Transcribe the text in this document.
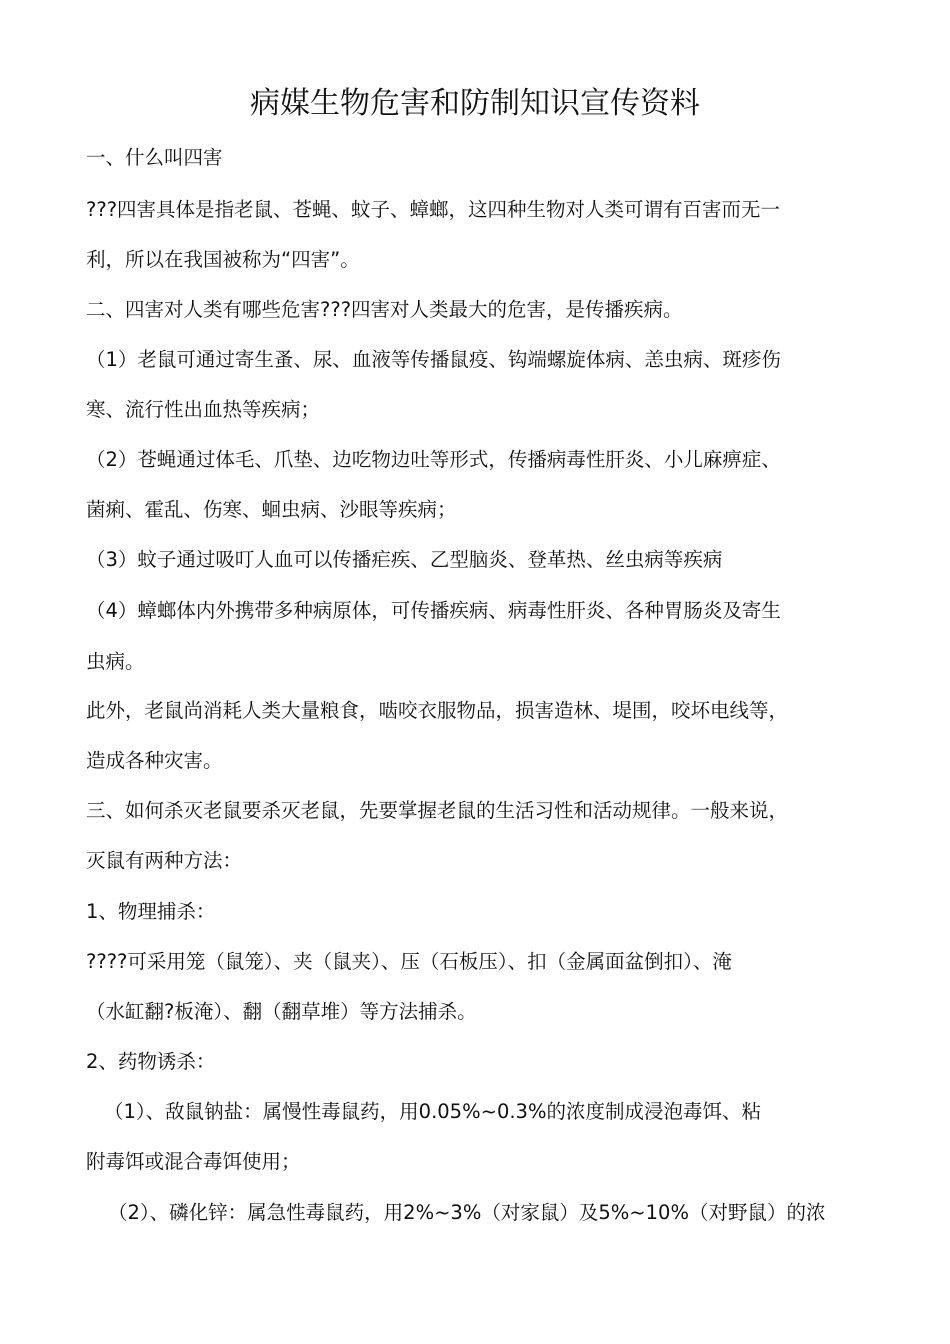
病媒生物危害和防制知识宣传资料
一、什么叫四害
???四害具体是指老鼠、苍蝇、蚊子、蟑螂，这四种生物对人类可谓有百害而无一
利，所以在我国被称为“四害”。
二、四害对人类有哪些危害???四害对人类最大的危害，是传播疾病。
（1）老鼠可通过寄生蚤、尿、血液等传播鼠疫、钩端螺旋体病、恙虫病、斑疹伤
寒、流行性出血热等疾病；
（2）苍蝇通过体毛、爪垫、边吃物边吐等形式，传播病毒性肝炎、小儿麻痹症、
菌痢、霍乱、伤寒、蛔虫病、沙眼等疾病；
（3）蚊子通过吸叮人血可以传播疟疾、乙型脑炎、登革热、丝虫病等疾病
（4）蟑螂体内外携带多种病原体，可传播疾病、病毒性肝炎、各种胃肠炎及寄生
虫病。
此外，老鼠尚消耗人类大量粮食，啮咬衣服物品，损害造林、堤围，咬坏电线等，
造成各种灾害。
三、如何杀灭老鼠要杀灭老鼠，先要掌握老鼠的生活习性和活动规律。一般来说，
灭鼠有两种方法：
1、物理捕杀：
????可采用笼（鼠笼）、夹（鼠夹）、压（石板压）、扣（金属面盆倒扣）、淹
（水缸翻?板淹）、翻（翻草堆）等方法捕杀。
2、药物诱杀：
（1）、敌鼠钠盐：属慢性毒鼠药，用0.05%~0.3%的浓度制成浸泡毒饵、粘
附毒饵或混合毒饵使用；
（2）、磷化锌：属急性毒鼠药，用2%~3%（对家鼠）及5%~10%（对野鼠）的浓
